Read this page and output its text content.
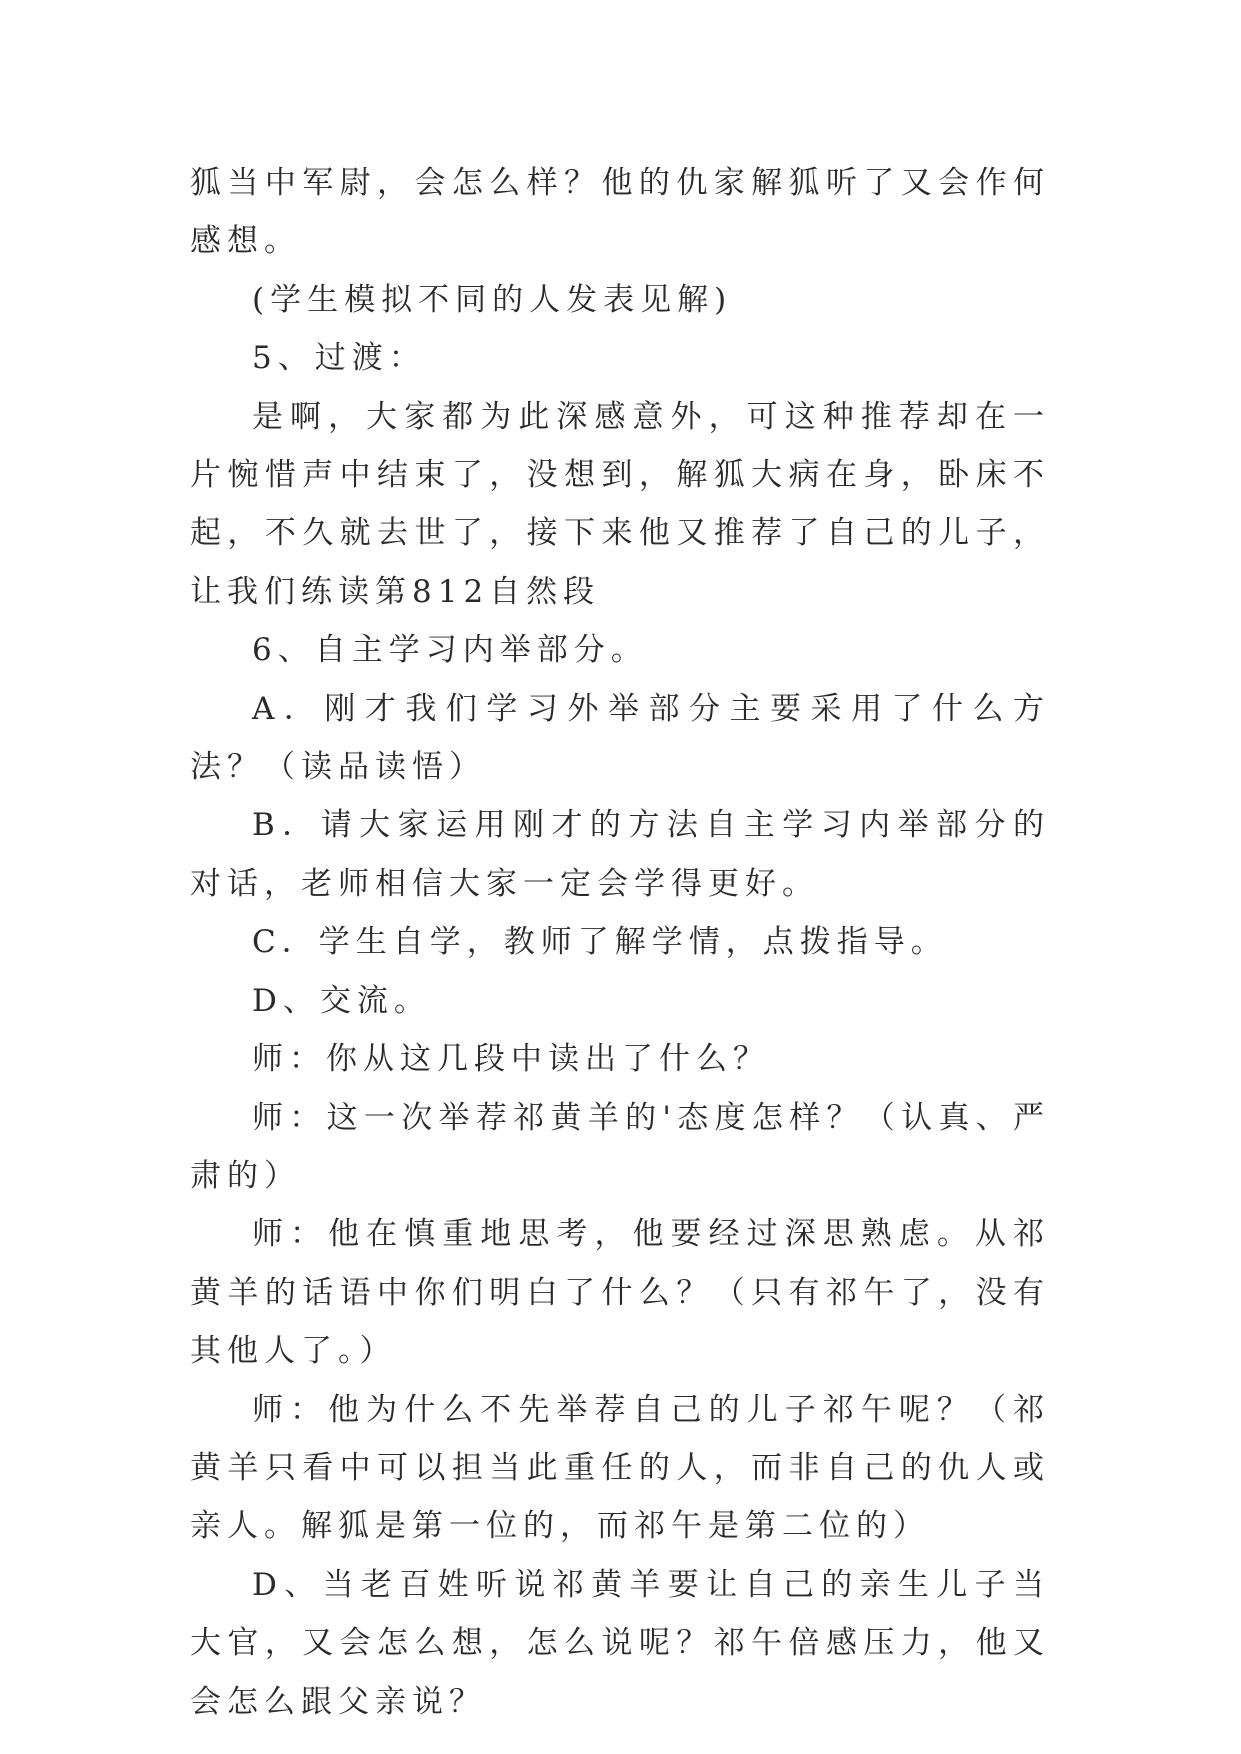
狐当中军尉，会怎么样？他的仇家解狐听了又会作何感想。

(学生模拟不同的人发表见解)

5、过渡：

是啊，大家都为此深感意外，可这种推荐却在一片惋惜声中结束了，没想到，解狐大病在身，卧床不起，不久就去世了，接下来他又推荐了自己的儿子，让我们练读第812自然段

6、自主学习内举部分。

A．刚才我们学习外举部分主要采用了什么方法？（读品读悟）

B．请大家运用刚才的方法自主学习内举部分的对话，老师相信大家一定会学得更好。

C．学生自学，教师了解学情，点拨指导。

D、交流。

师：你从这几段中读出了什么？

师：这一次举荐祁黄羊的'态度怎样？（认真、严肃的）

师：他在慎重地思考，他要经过深思熟虑。从祁黄羊的话语中你们明白了什么？（只有祁午了，没有其他人了。）

师：他为什么不先举荐自己的儿子祁午呢？（祁黄羊只看中可以担当此重任的人，而非自己的仇人或亲人。解狐是第一位的，而祁午是第二位的）

D、当老百姓听说祁黄羊要让自己的亲生儿子当大官，又会怎么想，怎么说呢？祁午倍感压力，他又会怎么跟父亲说？
